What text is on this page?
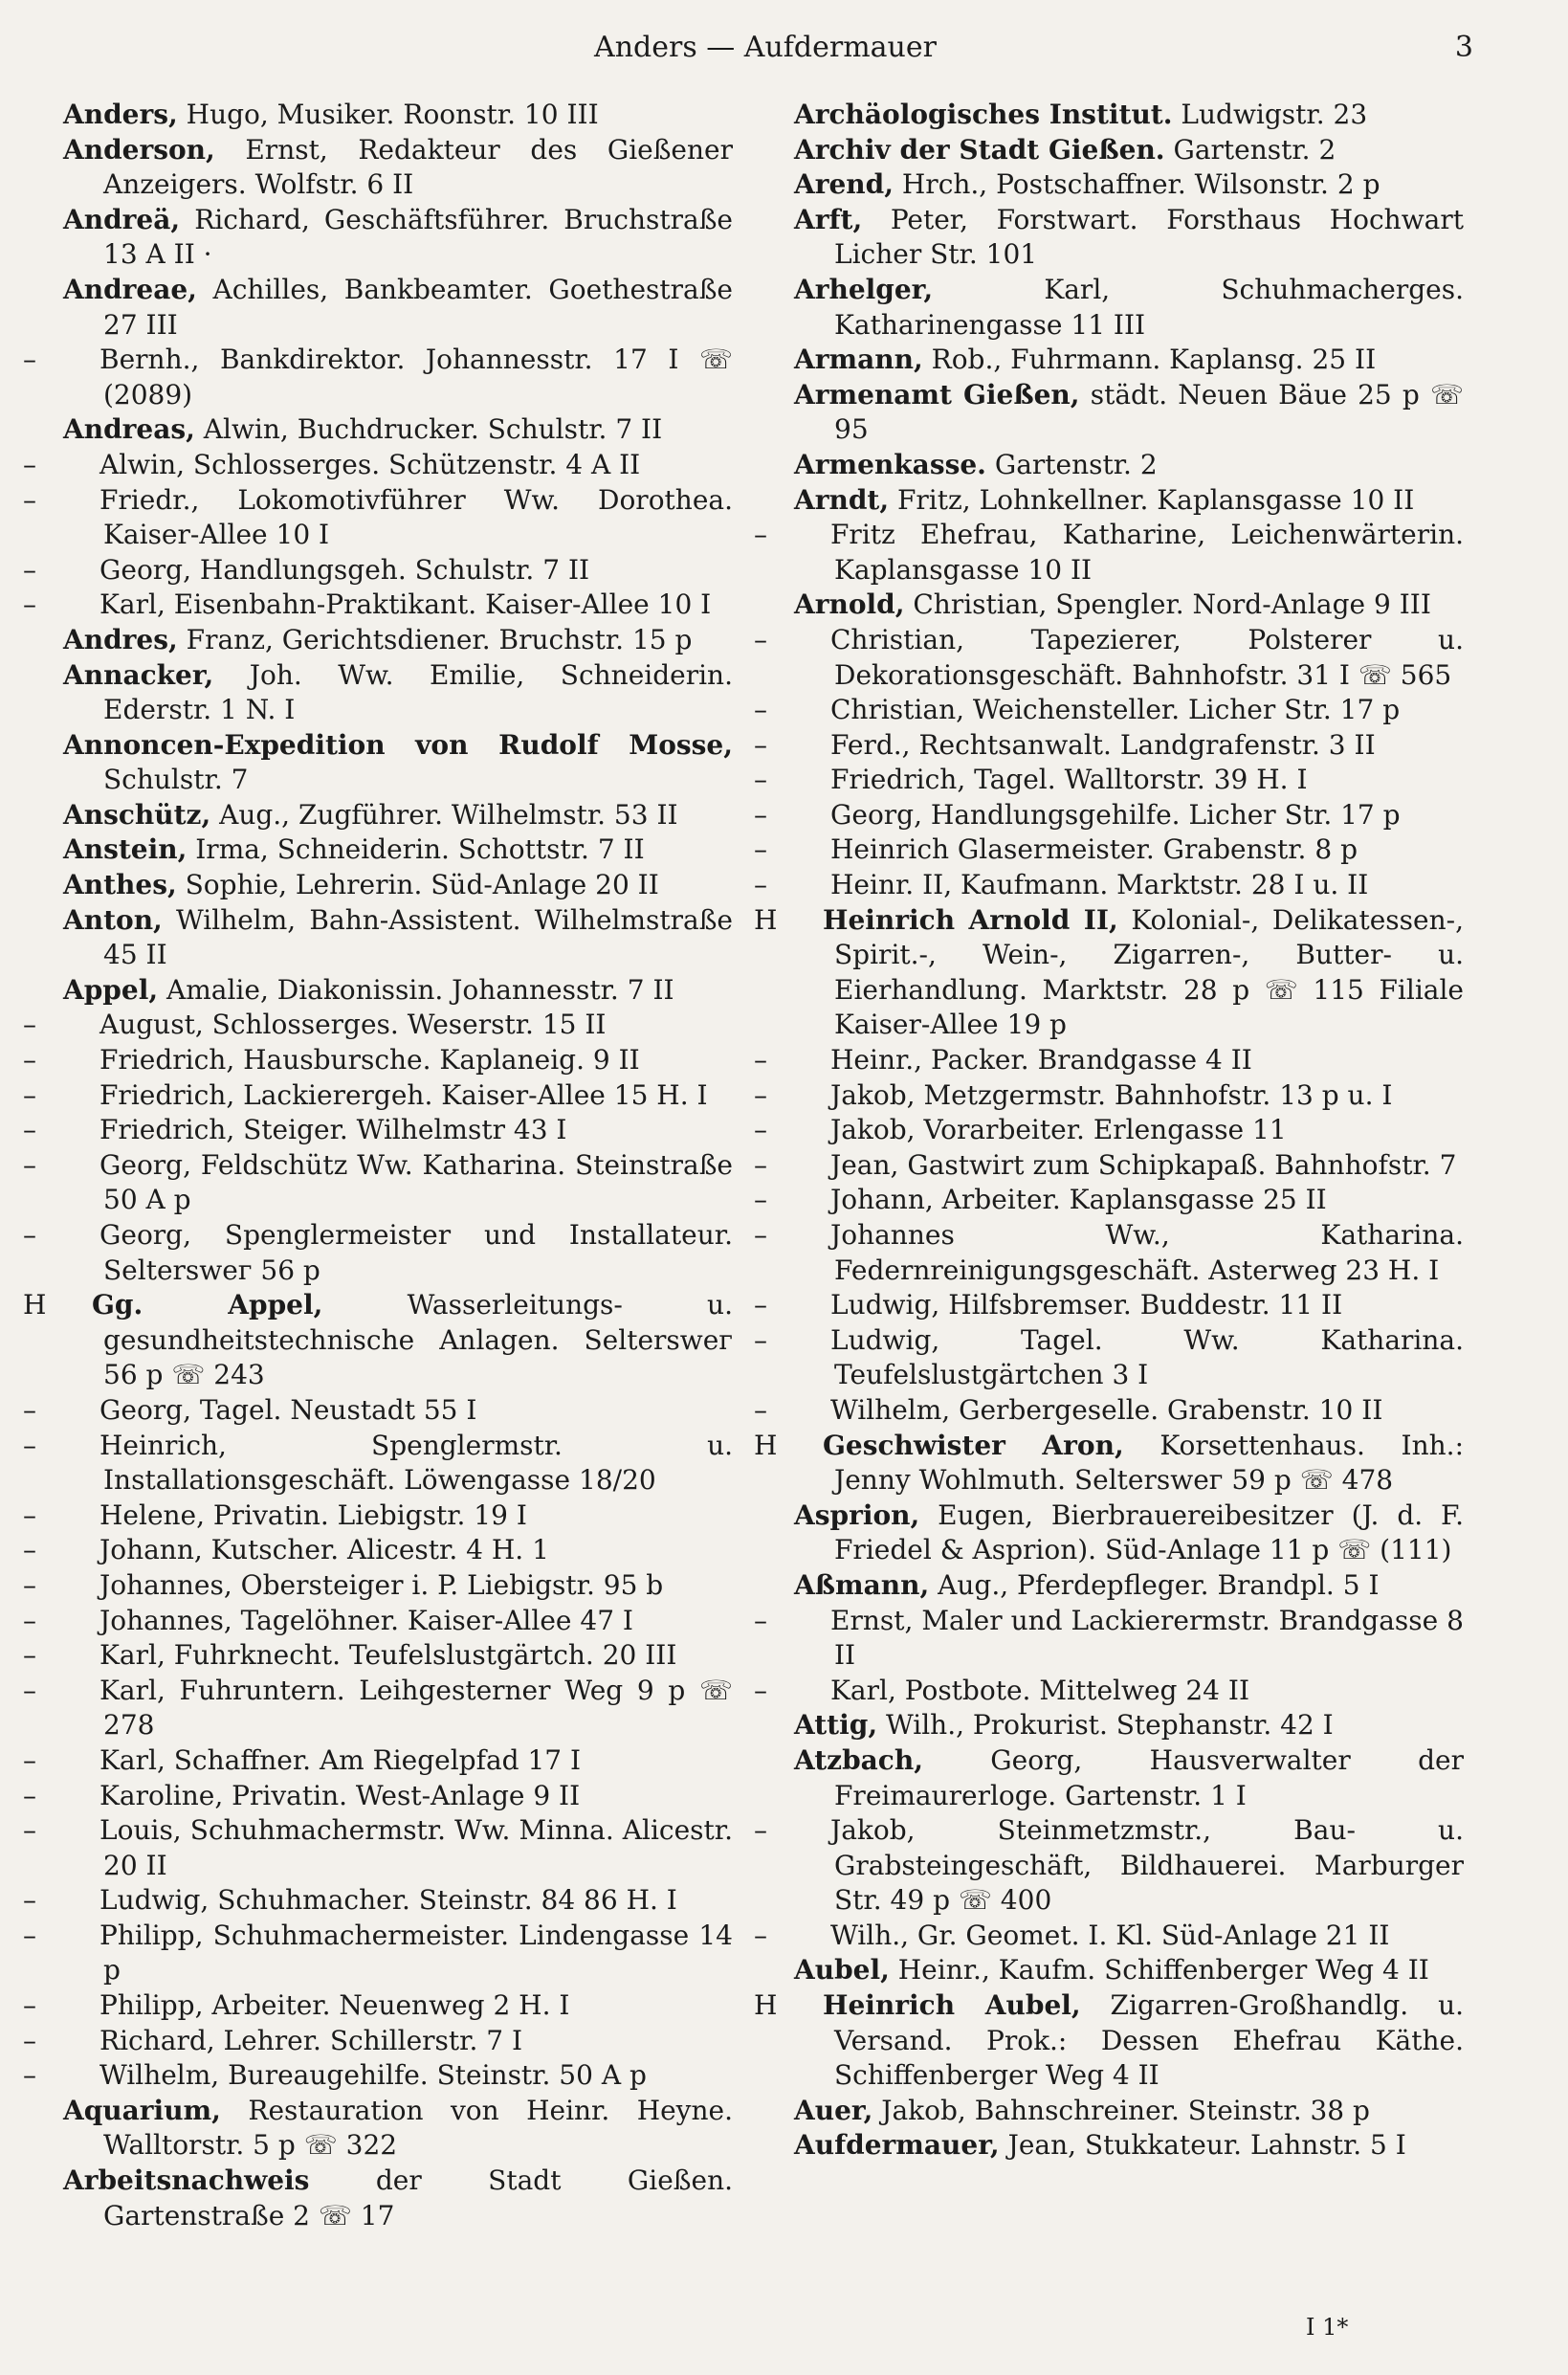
Anders — Aufdermauer	3
Anders, Hugo, Musiker. Roonstr. 10 III
Anderson, Ernst, Redakteur des Gießener Anzeigers. Wolfstr. 6 II
Andreä, Richard, Geschäftsführer. Bruchstraße 13 A II ·
Andreae, Achilles, Bankbeamter. Goethestraße 27 III
– Bernh., Bankdirektor. Johannesstr. 17 I ☏ (2089)
Andreas, Alwin, Buchdrucker. Schulstr. 7 II
– Alwin, Schlosserges. Schützenstr. 4 A II
– Friedr., Lokomotivführer Ww. Dorothea. Kaiser-Allee 10 I
– Georg, Handlungsgeh. Schulstr. 7 II
– Karl, Eisenbahn-Praktikant. Kaiser-Allee 10 I
Andres, Franz, Gerichtsdiener. Bruchstr. 15 p
Annacker, Joh. Ww. Emilie, Schneiderin. Ederstr. 1 N. I
Annoncen-Expedition von Rudolf Mosse, Schulstr. 7
Anschütz, Aug., Zugführer. Wilhelmstr. 53 II
Anstein, Irma, Schneiderin. Schottstr. 7 II
Anthes, Sophie, Lehrerin. Süd-Anlage 20 II
Anton, Wilhelm, Bahn-Assistent. Wilhelmstraße 45 II
Appel, Amalie, Diakonissin. Johannesstr. 7 II
– August, Schlosserges. Weserstr. 15 II
– Friedrich, Hausbursche. Kaplaneig. 9 II
– Friedrich, Lackierergeh. Kaiser-Allee 15 H. I
– Friedrich, Steiger. Wilhelmstr 43 I
– Georg, Feldschütz Ww. Katharina. Steinstraße 50 A p
– Georg, Spenglermeister und Installateur. Selterswег 56 p
H Gg. Appel, Wasserleitungs- u. gesundheitstechnische Anlagen. Selterswег 56 p ☏ 243
– Georg, Tagel. Neustadt 55 I
– Heinrich, Spenglermstr. u. Installationsgeschäft. Löwengasse 18/20
– Helene, Privatin. Liebigstr. 19 I
– Johann, Kutscher. Alicestr. 4 H. 1
– Johannes, Obersteiger i. P. Liebigstr. 95 b
– Johannes, Tagelöhner. Kaiser-Allee 47 I
– Karl, Fuhrknecht. Teufelslustgärtch. 20 III
– Karl, Fuhruntern. Leihgesterner Weg 9 p ☏ 278
– Karl, Schaffner. Am Riegelpfad 17 I
– Karoline, Privatin. West-Anlage 9 II
– Louis, Schuhmachermstr. Ww. Minna. Alicestr. 20 II
– Ludwig, Schuhmacher. Steinstr. 84 86 H. I
– Philipp, Schuhmachermeister. Lindengasse 14 p
– Philipp, Arbeiter. Neuenweg 2 H. I
– Richard, Lehrer. Schillerstr. 7 I
– Wilhelm, Bureaugehilfe. Steinstr. 50 A p
Aquarium, Restauration von Heinr. Heyne. Walltorstr. 5 p ☏ 322
Arbeitsnachweis der Stadt Gießen. Gartenstraße 2 ☏ 17
Archäologisches Institut. Ludwigstr. 23
Archiv der Stadt Gießen. Gartenstr. 2
Arend, Hrch., Postschaffner. Wilsonstr. 2 p
Arft, Peter, Forstwart. Forsthaus Hochwart Licher Str. 101
Arhelger, Karl, Schuhmacherges. Katharinengasse 11 III
Armann, Rob., Fuhrmann. Kaplansg. 25 II
Armenamt Gießen, städt. Neuen Bäue 25 p ☏ 95
Armenkasse. Gartenstr. 2
Arndt, Fritz, Lohnkellner. Kaplansgasse 10 II
– Fritz Ehefrau, Katharine, Leichenwärterin. Kaplansgasse 10 II
Arnold, Christian, Spengler. Nord-Anlage 9 III
– Christian, Tapezierer, Polsterer u. Dekorationsgeschäft. Bahnhofstr. 31 I ☏ 565
– Christian, Weichensteller. Licher Str. 17 p
– Ferd., Rechtsanwalt. Landgrafenstr. 3 II
– Friedrich, Tagel. Walltorstr. 39 H. I
– Georg, Handlungsgehilfe. Licher Str. 17 p
– Heinrich Glasermeister. Grabenstr. 8 p
– Heinr. II, Kaufmann. Marktstr. 28 I u. II
H Heinrich Arnold II, Kolonial-, Delikatessen-, Spirit.-, Wein-, Zigarren-, Butter- u. Eierhandlung. Marktstr. 28 p ☏ 115 Filiale Kaiser-Allee 19 p
– Heinr., Packer. Brandgasse 4 II
– Jakob, Metzgermstr. Bahnhofstr. 13 p u. I
– Jakob, Vorarbeiter. Erlengasse 11
– Jean, Gastwirt zum Schipkapaß. Bahnhofstr. 7
– Johann, Arbeiter. Kaplansgasse 25 II
– Johannes Ww., Katharina. Federnreinigungsgeschäft. Asterweg 23 H. I
– Ludwig, Hilfsbremser. Buddestr. 11 II
– Ludwig, Tagel. Ww. Katharina. Teufelslustgärtchen 3 I
– Wilhelm, Gerbergeselle. Grabenstr. 10 II
H Geschwister Aron, Korsettenhaus. Inh.: Jenny Wohlmuth. Selterswег 59 p ☏ 478
Asprion, Eugen, Bierbrauereibesitzer (J. d. F. Friedel & Asprion). Süd-Anlage 11 p ☏ (111)
Aßmann, Aug., Pferdepfleger. Brandpl. 5 I
– Ernst, Maler und Lackierermstr. Brandgasse 8 II
– Karl, Postbote. Mittelweg 24 II
Attig, Wilh., Prokurist. Stephanstr. 42 I
Atzbach, Georg, Hausverwalter der Freimaurerloge. Gartenstr. 1 I
– Jakob, Steinmetzmstr., Bau- u. Grabsteingeschäft, Bildhauerei. Marburger Str. 49 p ☏ 400
– Wilh., Gr. Geomet. I. Kl. Süd-Anlage 21 II
Aubel, Heinr., Kaufm. Schiffenberger Weg 4 II
H Heinrich Aubel, Zigarren-Großhandlg. u. Versand. Prok.: Dessen Ehefrau Käthe. Schiffenberger Weg 4 II
Auer, Jakob, Bahnschreiner. Steinstr. 38 p
Aufdermauer, Jean, Stukkateur. Lahnstr. 5 I
I 1*
